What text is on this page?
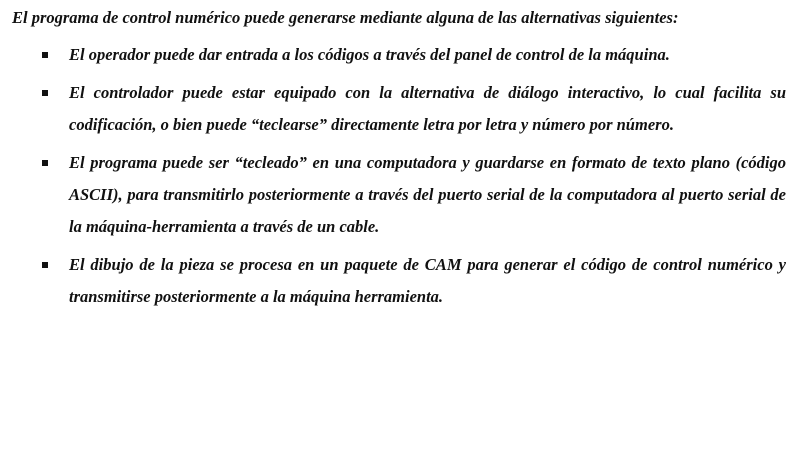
El programa de control numérico puede generarse mediante alguna de las alternativas siguientes:

El operador puede dar entrada a los códigos a través del panel de control de la máquina.
El controlador puede estar equipado con la alternativa de diálogo interactivo, lo cual facilita su codificación, o bien puede “teclearse” directamente letra por letra y número por número.
El programa puede ser “tecleado” en una computadora y guardarse en formato de texto plano (código ASCII), para transmitirlo posteriormente a través del puerto serial de la computadora al puerto serial de la máquina-herramienta a través de un cable.
El dibujo de la pieza se procesa en un paquete de CAM para generar el código de control numérico y transmitirse posteriormente a la máquina herramienta.
